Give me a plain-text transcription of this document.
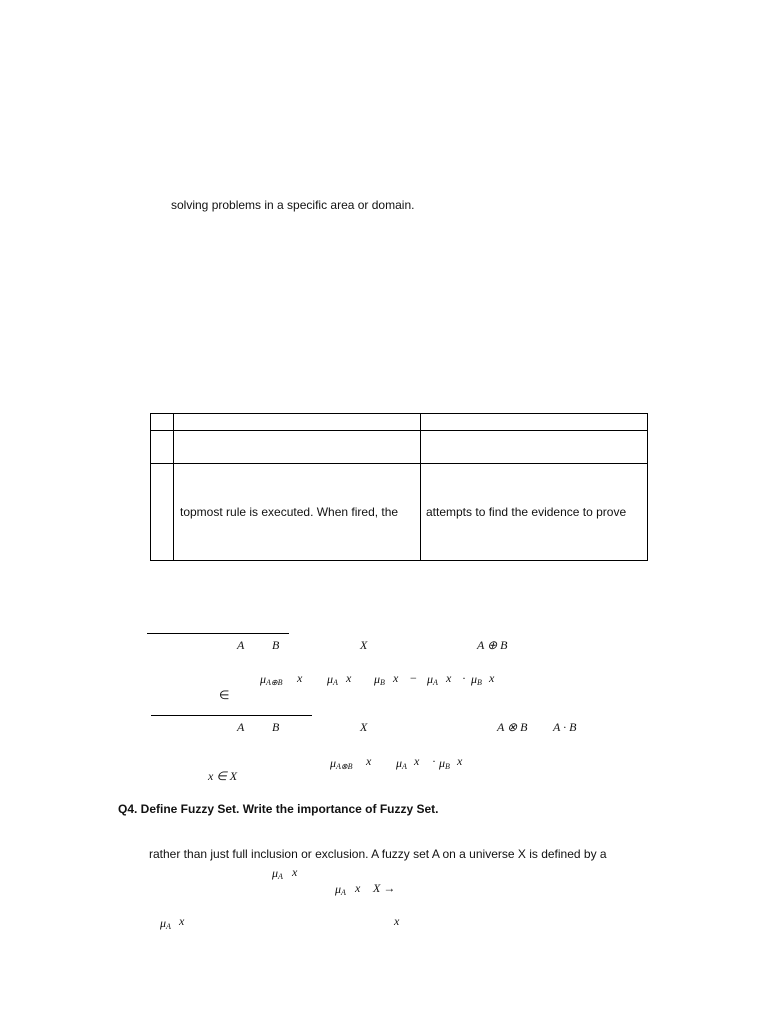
solving problems in a specific area or domain.

	topmost rule is executed. When fired, the	attempts to find the evidence to prove
A B	X	A ⊕ B
$\mu_{A\oplus B}$ x $\mu_A$ x $\mu_B$ $x - \mu_A$ $x \cdot \mu_B$ x
∈
A B	X	A ⊗ B A · B
$\mu_{A\otimes B}$ x $\mu_A$ $x \cdot \mu_B$ x
x ∈ X
Q4. Define Fuzzy Set. Write the importance of Fuzzy Set.
rather than just full inclusion or exclusion. A fuzzy set A on a universe X is defined by a
$\mu_A$ x
$\mu_A$ x X →
$\mu_A$ x	x
